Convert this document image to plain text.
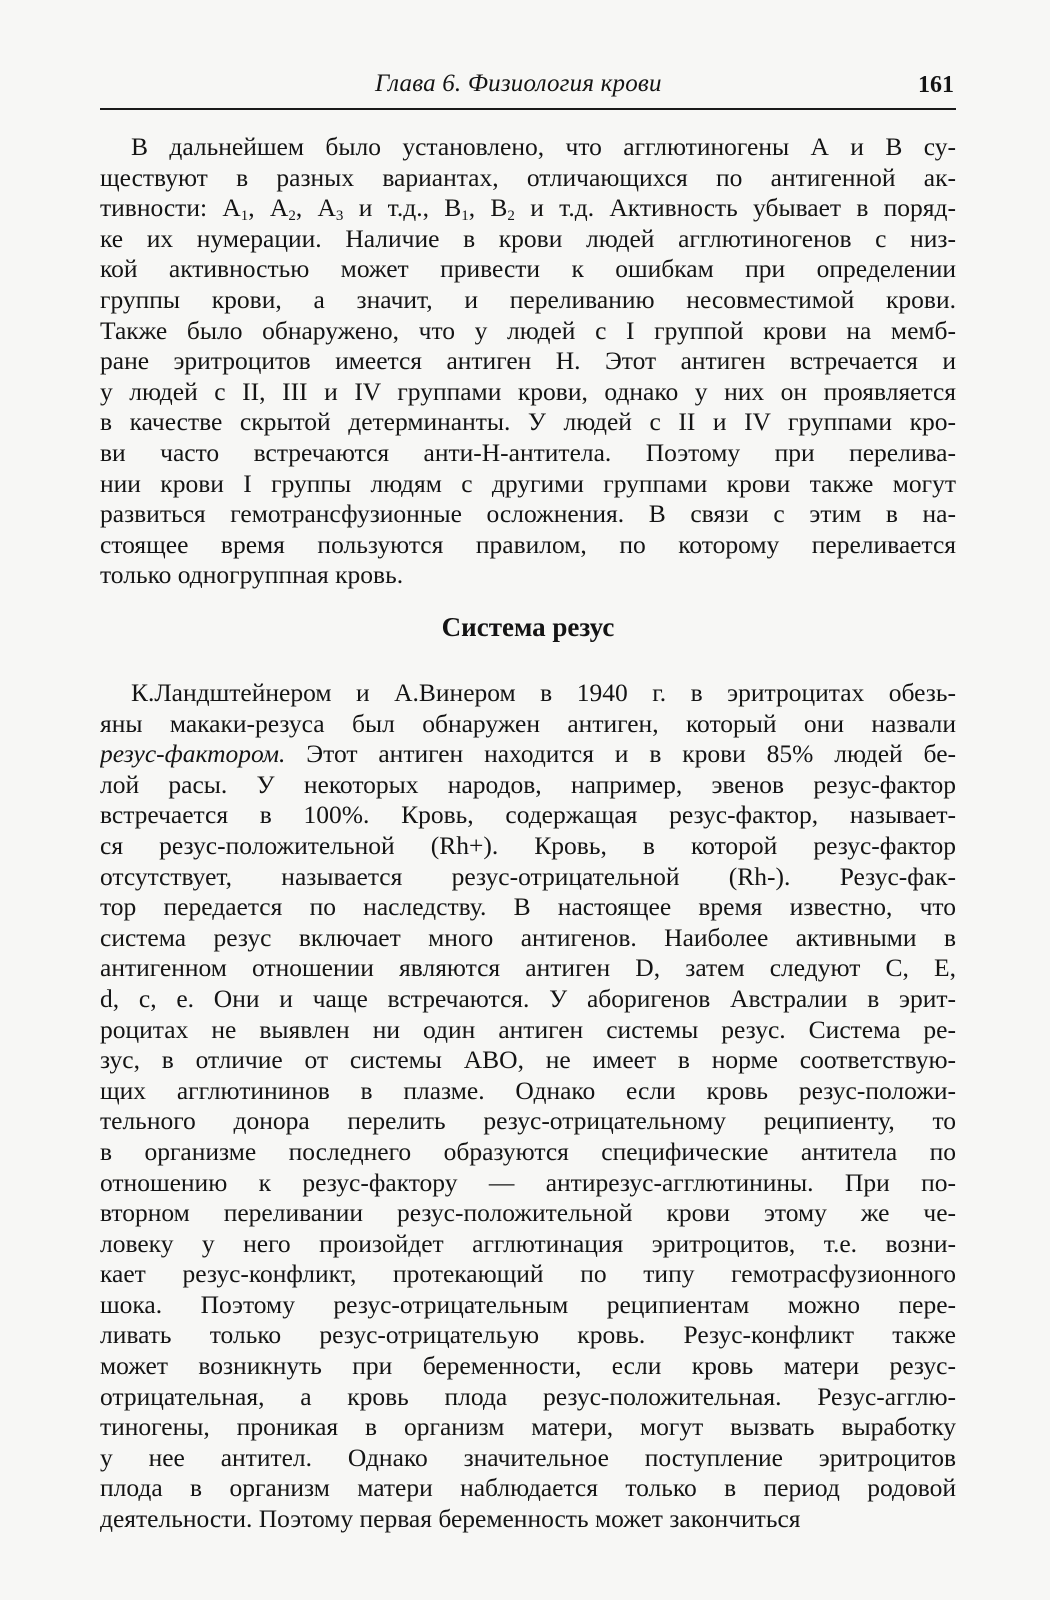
Глава 6. Физиология крови	161
В дальнейшем было установлено, что агглютиногены А и В су-
ществуют в разных вариантах, отличающихся по антигенной ак-
тивности: $А_1$, $А_2$, $А_3$ и т.д., $В_1$, $В_2$ и т.д. Активность убывает в поряд-
ке их нумерации. Наличие в крови людей агглютиногенов с низ-
кой активностью может привести к ошибкам при определении
группы крови, а значит, и переливанию несовместимой крови.
Также было обнаружено, что у людей с I группой крови на мемб-
ране эритроцитов имеется антиген Н. Этот антиген встречается и
у людей с II, III и IV группами крови, однако у них он проявляется
в качестве скрытой детерминанты. У людей с II и IV группами кро-
ви часто встречаются анти-Н-антитела. Поэтому при перелива-
нии крови I группы людям с другими группами крови также могут
развиться гемотрансфузионные осложнения. В связи с этим в на-
стоящее время пользуются правилом, по которому переливается
только одногруппная кровь.
Система резус
К.Ландштейнером и А.Винером в 1940 г. в эритроцитах обезь-
яны макаки-резуса был обнаружен антиген, который они назвали
резус-фактором. Этот антиген находится и в крови 85% людей бе-
лой расы. У некоторых народов, например, эвенов резус-фактор
встречается в 100%. Кровь, содержащая резус-фактор, называет-
ся резус-положительной (Rh+). Кровь, в которой резус-фактор
отсутствует, называется резус-отрицательной (Rh-). Резус-фак-
тор передается по наследству. В настоящее время известно, что
система резус включает много антигенов. Наиболее активными в
антигенном отношении являются антиген D, затем следуют С, Е,
d, с, е. Они и чаще встречаются. У аборигенов Австралии в эрит-
роцитах не выявлен ни один антиген системы резус. Система ре-
зус, в отличие от системы АВО, не имеет в норме соответствую-
щих агглютининов в плазме. Однако если кровь резус-положи-
тельного донора перелить резус-отрицательному реципиенту, то
в организме последнего образуются специфические антитела по
отношению к резус-фактору — антирезус-агглютинины. При по-
вторном переливании резус-положительной крови этому же че-
ловеку у него произойдет агглютинация эритроцитов, т.е. возни-
кает резус-конфликт, протекающий по типу гемотрасфузионного
шока. Поэтому резус-отрицательным реципиентам можно пере-
ливать только резус-отрицательую кровь. Резус-конфликт также
может возникнуть при беременности, если кровь матери резус-
отрицательная, а кровь плода резус-положительная. Резус-агглю-
тиногены, проникая в организм матери, могут вызвать выработку
у нее антител. Однако значительное поступление эритроцитов
плода в организм матери наблюдается только в период родовой
деятельности. Поэтому первая беременность может закончиться
